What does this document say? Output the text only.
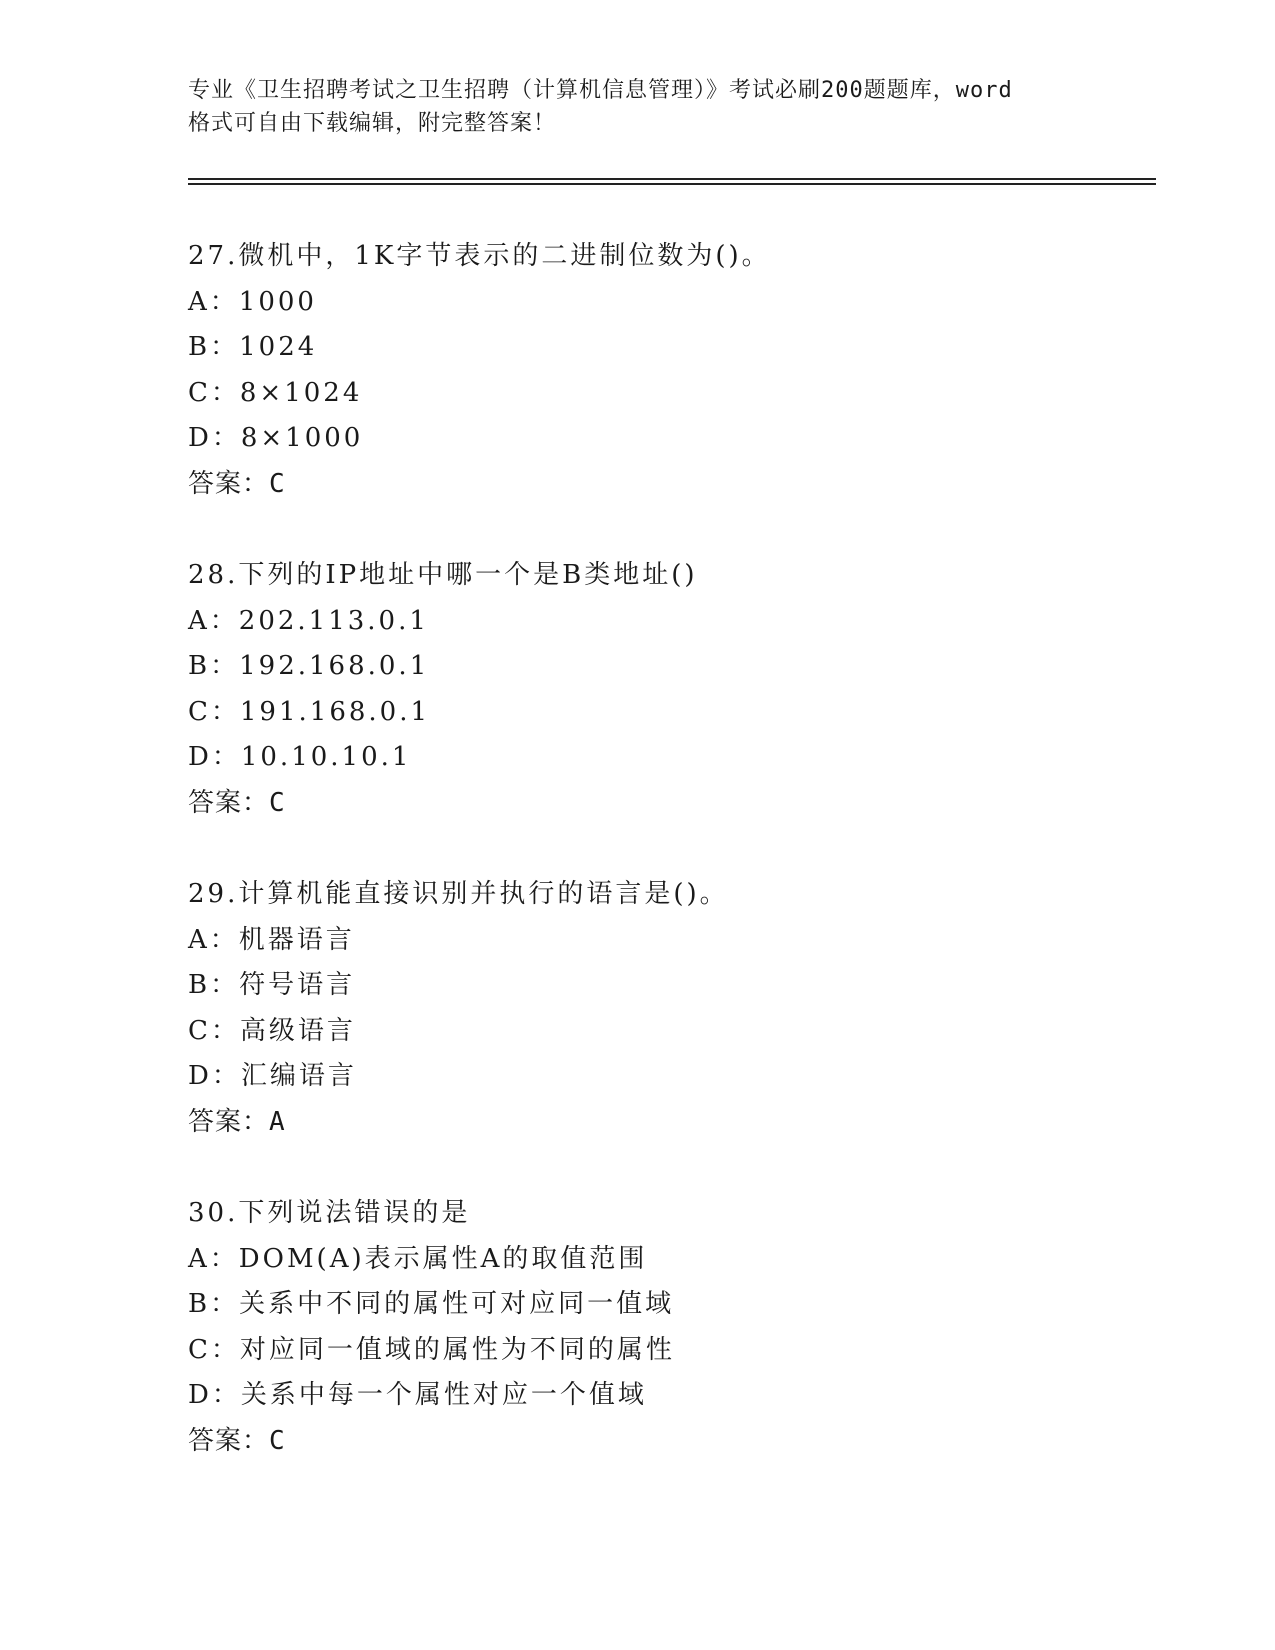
专业《卫生招聘考试之卫生招聘（计算机信息管理）》考试必刷200题题库，word
格式可自由下载编辑，附完整答案！
27.微机中，1K字节表示的二进制位数为()。
A：1000
B：1024
C：8×1024
D：8×1000
答案：C
28.下列的IP地址中哪一个是B类地址()
A：202.113.0.1
B：192.168.0.1
C：191.168.0.1
D：10.10.10.1
答案：C
29.计算机能直接识别并执行的语言是()。
A：机器语言
B：符号语言
C：高级语言
D：汇编语言
答案：A
30.下列说法错误的是
A：DOM(A)表示属性A的取值范围
B：关系中不同的属性可对应同一值域
C：对应同一值域的属性为不同的属性
D：关系中每一个属性对应一个值域
答案：C
